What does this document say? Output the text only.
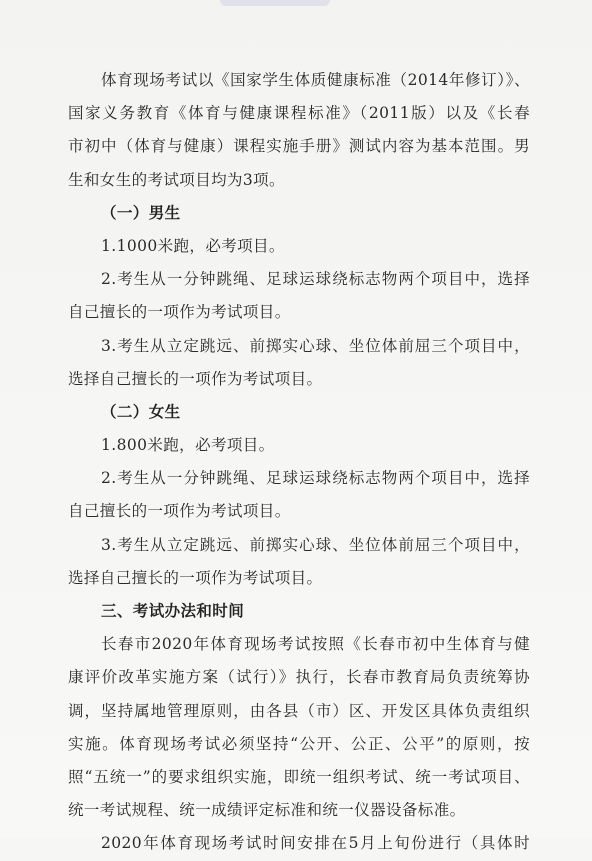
体育现场考试以《国家学生体质健康标准（2014年修订）》、
国家义务教育《体育与健康课程标准》（2011版）以及《长春
市初中（体育与健康）课程实施手册》测试内容为基本范围。男
生和女生的考试项目均为3项。
（一）男生
1.1000米跑，必考项目。
2.考生从一分钟跳绳、足球运球绕标志物两个项目中，选择
自己擅长的一项作为考试项目。
3.考生从立定跳远、前掷实心球、坐位体前屈三个项目中，
选择自己擅长的一项作为考试项目。
（二）女生
1.800米跑，必考项目。
2.考生从一分钟跳绳、足球运球绕标志物两个项目中，选择
自己擅长的一项作为考试项目。
3.考生从立定跳远、前掷实心球、坐位体前屈三个项目中，
选择自己擅长的一项作为考试项目。
三、考试办法和时间
长春市2020年体育现场考试按照《长春市初中生体育与健
康评价改革实施方案（试行）》执行，长春市教育局负责统筹协
调，坚持属地管理原则，由各县（市）区、开发区具体负责组织
实施。体育现场考试必须坚持“公开、公正、公平”的原则，按
照“五统一”的要求组织实施，即统一组织考试、统一考试项目、
统一考试规程、统一成绩评定标准和统一仪器设备标准。
2020年体育现场考试时间安排在5月上旬份进行（具体时
